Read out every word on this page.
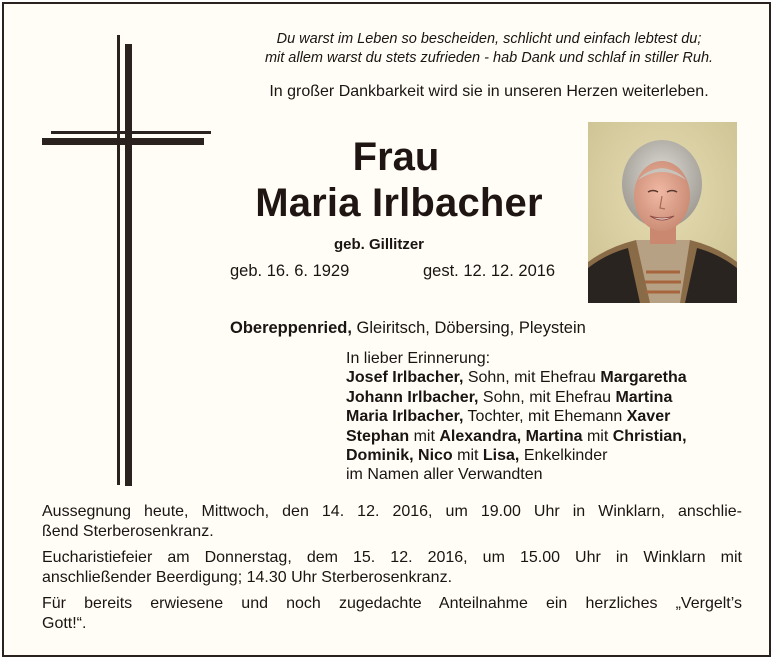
Du warst im Leben so bescheiden, schlicht und einfach lebtest du;
mit allem warst du stets zufrieden - hab Dank und schlaf in stiller Ruh.
In großer Dankbarkeit wird sie in unseren Herzen weiterleben.
Frau
Maria Irlbacher
geb. Gillitzer
geb. 16. 6. 1929	gest. 12. 12. 2016
Obereppenried, Gleiritsch, Döbersing, Pleystein
In lieber Erinnerung:
Josef Irlbacher, Sohn, mit Ehefrau Margaretha
Johann Irlbacher, Sohn, mit Ehefrau Martina
Maria Irlbacher, Tochter, mit Ehemann Xaver
Stephan mit Alexandra, Martina mit Christian,
Dominik, Nico mit Lisa, Enkelkinder
im Namen aller Verwandten
Aussegnung heute, Mittwoch, den 14. 12. 2016, um 19.00 Uhr in Winklarn, anschlie-
ßend Sterberosenkranz.
Eucharistiefeier am Donnerstag, dem 15. 12. 2016, um 15.00 Uhr in Winklarn mit
anschließender Beerdigung; 14.30 Uhr Sterberosenkranz.
Für bereits erwiesene und noch zugedachte Anteilnahme ein herzliches „Vergelt’s
Gott!“.
